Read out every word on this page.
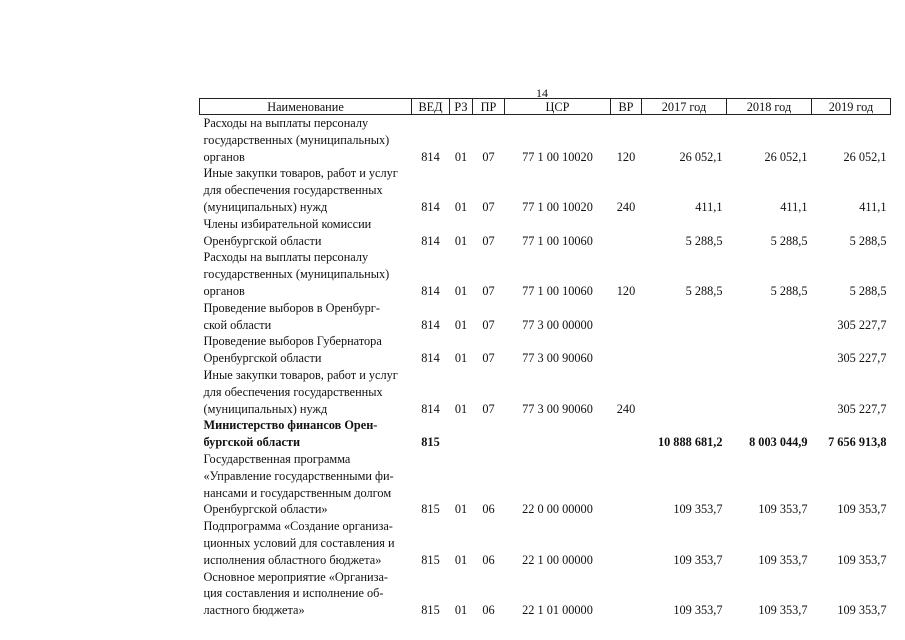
14
Наименование	ВЕД	РЗ	ПР	ЦСР	ВР	2017 год	2018 год	2019 год

Расходы на выплаты персоналу
государственных (муниципальных)
органов	814	01	07	77 1 00 10020	120	26 052,1	26 052,1	26 052,1

Иные закупки товаров, работ и услуг
для обеспечения государственных
(муниципальных) нужд	814	01	07	77 1 00 10020	240	411,1	411,1	411,1

Члены избирательной комиссии
Оренбургской области	814	01	07	77 1 00 10060		5 288,5	5 288,5	5 288,5

Расходы на выплаты персоналу
государственных (муниципальных)
органов	814	01	07	77 1 00 10060	120	5 288,5	5 288,5	5 288,5

Проведение выборов в Оренбург-
ской области	814	01	07	77 3 00 00000				305 227,7

Проведение выборов Губернатора
Оренбургской области	814	01	07	77 3 00 90060				305 227,7

Иные закупки товаров, работ и услуг
для обеспечения государственных
(муниципальных) нужд	814	01	07	77 3 00 90060	240			305 227,7

Министерство финансов Орен-
бургской области	815					10 888 681,2	8 003 044,9	7 656 913,8

Государственная программа
«Управление государственными фи-
нансами и государственным долгом
Оренбургской области»	815	01	06	22 0 00 00000		109 353,7	109 353,7	109 353,7

Подпрограмма «Создание организа-
ционных условий для составления и
исполнения областного бюджета»	815	01	06	22 1 00 00000		109 353,7	109 353,7	109 353,7

Основное мероприятие «Организа-
ция составления и исполнение об-
ластного бюджета»	815	01	06	22 1 01 00000		109 353,7	109 353,7	109 353,7
